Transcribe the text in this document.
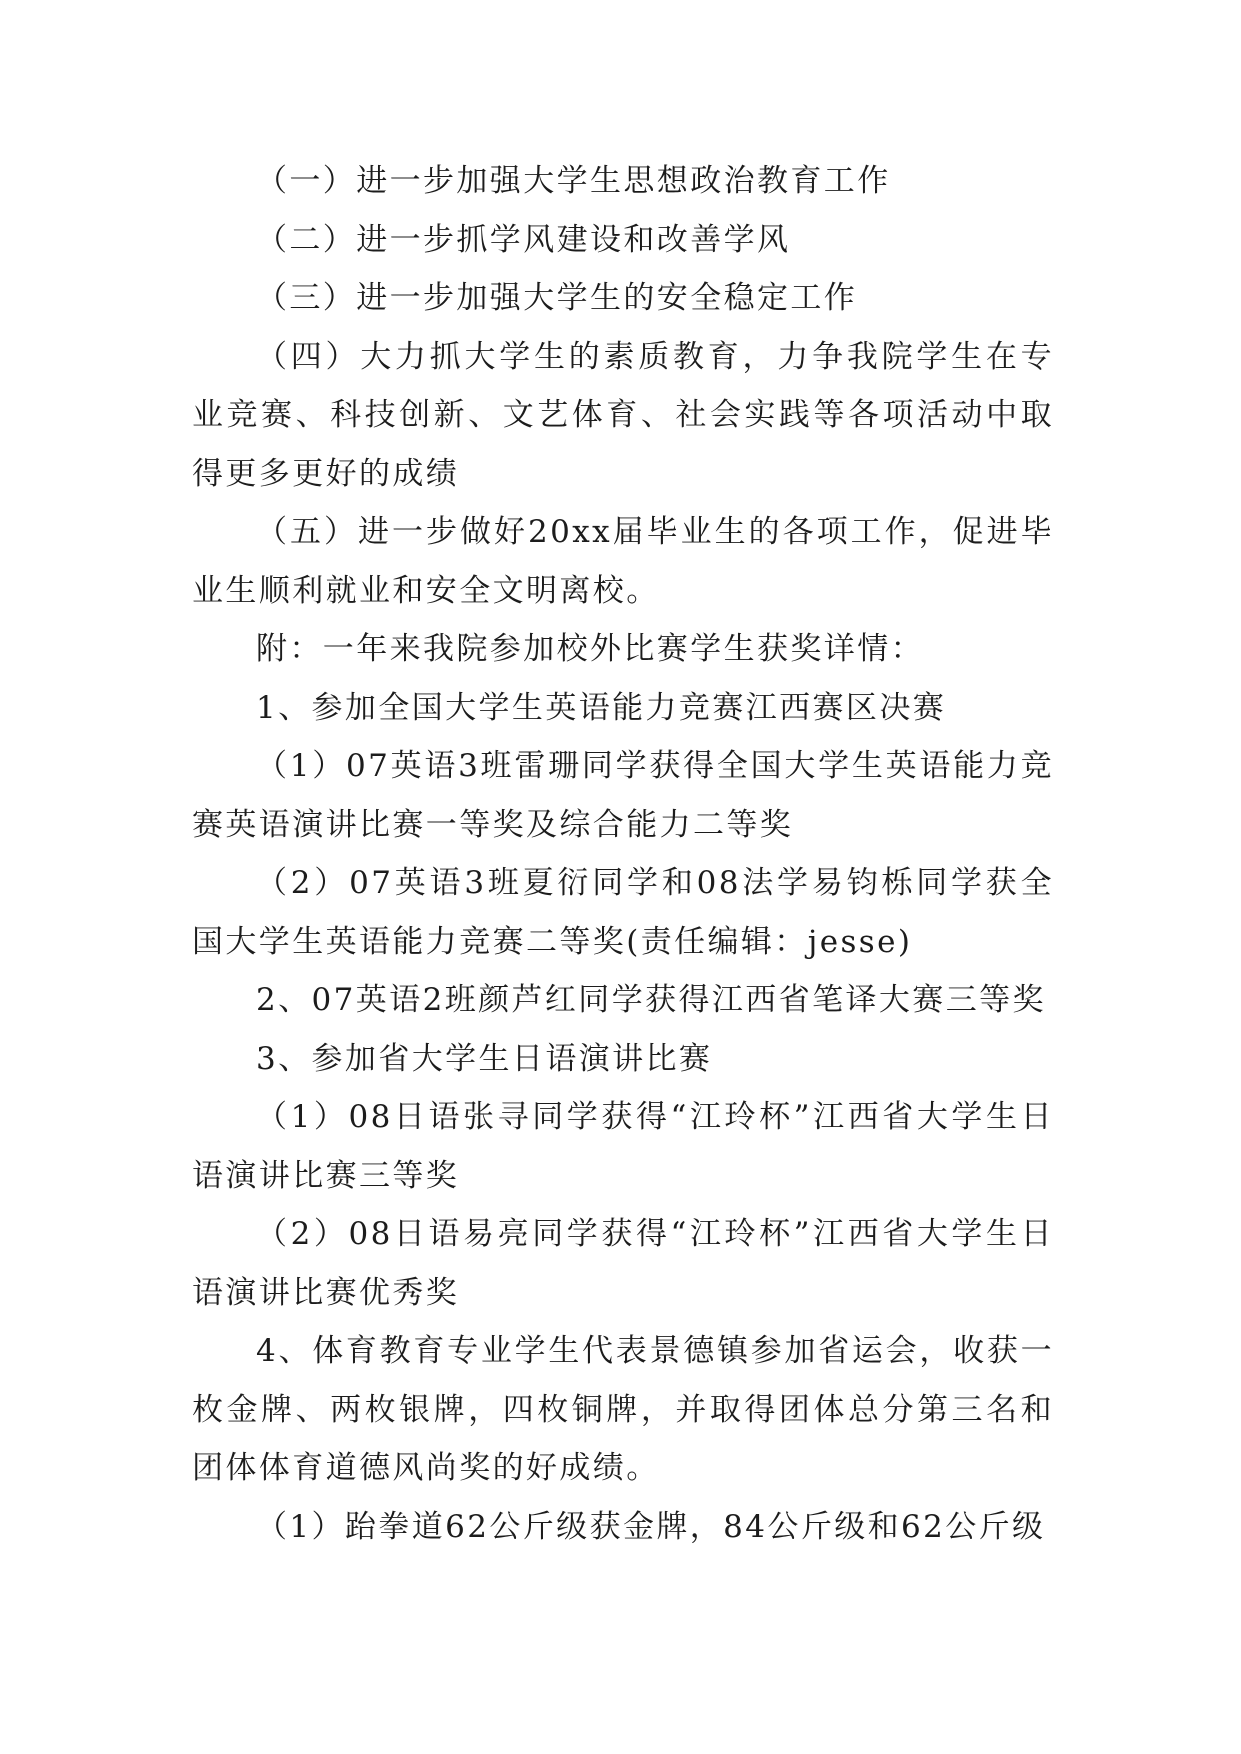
（一）进一步加强大学生思想政治教育工作

（二）进一步抓学风建设和改善学风

（三）进一步加强大学生的安全稳定工作

（四）大力抓大学生的素质教育，力争我院学生在专业竞赛、科技创新、文艺体育、社会实践等各项活动中取得更多更好的成绩

（五）进一步做好20xx届毕业生的各项工作，促进毕业生顺利就业和安全文明离校。

附：一年来我院参加校外比赛学生获奖详情：

1、参加全国大学生英语能力竞赛江西赛区决赛

（1）07英语3班雷珊同学获得全国大学生英语能力竞赛英语演讲比赛一等奖及综合能力二等奖

（2）07英语3班夏衍同学和08法学易钧栎同学获全国大学生英语能力竞赛二等奖(责任编辑：jesse)

2、07英语2班颜芦红同学获得江西省笔译大赛三等奖

3、参加省大学生日语演讲比赛

（1）08日语张寻同学获得“江玲杯”江西省大学生日语演讲比赛三等奖

（2）08日语易亮同学获得“江玲杯”江西省大学生日语演讲比赛优秀奖

4、体育教育专业学生代表景德镇参加省运会，收获一枚金牌、两枚银牌，四枚铜牌，并取得团体总分第三名和团体体育道德风尚奖的好成绩。

（1）跆拳道62公斤级获金牌，84公斤级和62公斤级
